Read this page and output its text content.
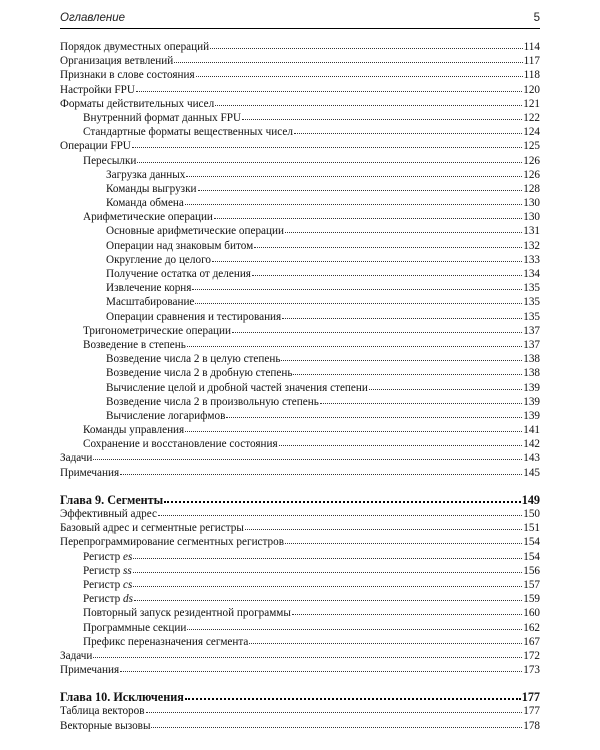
Оглавление	5
Порядок двуместных операций	114
Организация ветвлений	117
Признаки в слове состояния	118
Настройки FPU	120
Форматы действительных чисел	121
Внутренний формат данных FPU	122
Стандартные форматы вещественных чисел	124
Операции FPU	125
Пересылки	126
Загрузка данных	126
Команды выгрузки	128
Команда обмена	130
Арифметические операции	130
Основные арифметические операции	131
Операции над знаковым битом	132
Округление до целого	133
Получение остатка от деления	134
Извлечение корня	135
Масштабирование	135
Операции сравнения и тестирования	135
Тригонометрические операции	137
Возведение в степень	137
Возведение числа 2 в целую степень	138
Возведение числа 2 в дробную степень	138
Вычисление целой и дробной частей значения степени	139
Возведение числа 2 в произвольную степень	139
Вычисление логарифмов	139
Команды управления	141
Сохранение и восстановление состояния	142
Задачи	143
Примечания	145
Глава 9. Сегменты	149
Эффективный адрес	150
Базовый адрес и сегментные регистры	151
Перепрограммирование сегментных регистров	154
Регистр es	154
Регистр ss	156
Регистр cs	157
Регистр ds	159
Повторный запуск резидентной программы	160
Программные секции	162
Префикс переназначения сегмента	167
Задачи	172
Примечания	173
Глава 10. Исключения	177
Таблица векторов	177
Векторные вызовы	178
